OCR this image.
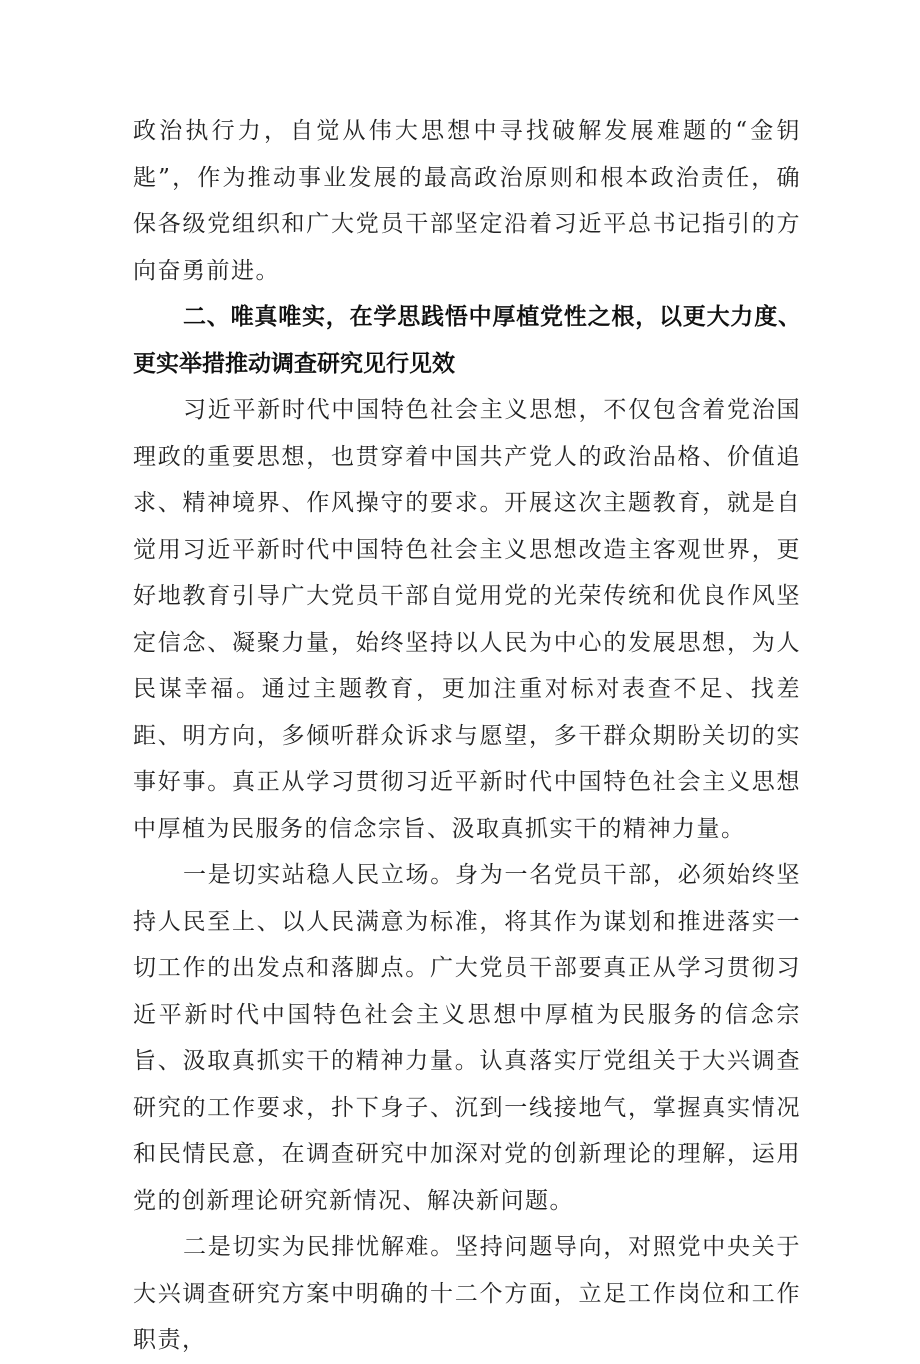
政治执行力，自觉从伟大思想中寻找破解发展难题的“金钥匙”，作为推动事业发展的最高政治原则和根本政治责任，确保各级党组织和广大党员干部坚定沿着习近平总书记指引的方向奋勇前进。

二、唯真唯实，在学思践悟中厚植党性之根，以更大力度、更实举措推动调查研究见行见效

习近平新时代中国特色社会主义思想，不仅包含着党治国理政的重要思想，也贯穿着中国共产党人的政治品格、价值追求、精神境界、作风操守的要求。开展这次主题教育，就是自觉用习近平新时代中国特色社会主义思想改造主客观世界，更好地教育引导广大党员干部自觉用党的光荣传统和优良作风坚定信念、凝聚力量，始终坚持以人民为中心的发展思想，为人民谋幸福。通过主题教育，更加注重对标对表查不足、找差距、明方向，多倾听群众诉求与愿望，多干群众期盼关切的实事好事。真正从学习贯彻习近平新时代中国特色社会主义思想中厚植为民服务的信念宗旨、汲取真抓实干的精神力量。

一是切实站稳人民立场。身为一名党员干部，必须始终坚持人民至上、以人民满意为标准，将其作为谋划和推进落实一切工作的出发点和落脚点。广大党员干部要真正从学习贯彻习近平新时代中国特色社会主义思想中厚植为民服务的信念宗旨、汲取真抓实干的精神力量。认真落实厅党组关于大兴调查研究的工作要求，扑下身子、沉到一线接地气，掌握真实情况和民情民意，在调查研究中加深对党的创新理论的理解，运用党的创新理论研究新情况、解决新问题。

二是切实为民排忧解难。坚持问题导向，对照党中央关于大兴调查研究方案中明确的十二个方面，立足工作岗位和工作职责，
